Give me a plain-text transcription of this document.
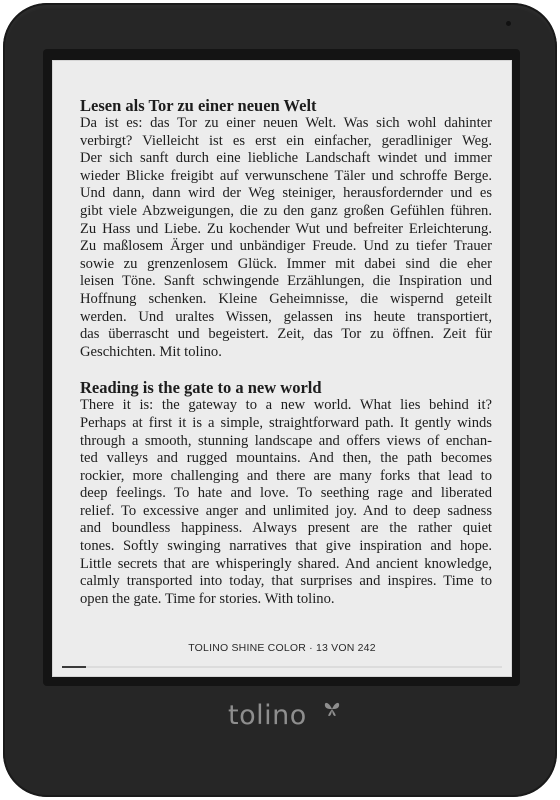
Lesen als Tor zu einer neuen Welt

Da ist es: das Tor zu einer neuen Welt. Was sich wohl dahinter

verbirgt? Vielleicht ist es erst ein einfacher, geradliniger Weg.

Der sich sanft durch eine liebliche Landschaft windet und immer

wieder Blicke freigibt auf verwunschene Täler und schroffe Berge.

Und dann, dann wird der Weg steiniger, herausfordernder und es

gibt viele Abzweigungen, die zu den ganz großen Gefühlen führen.

Zu Hass und Liebe. Zu kochender Wut und befreiter Erleichterung.

Zu maßlosem Ärger und unbändiger Freude. Und zu tiefer Trauer

sowie zu grenzenlosem Glück. Immer mit dabei sind die eher

leisen Töne. Sanft schwingende Erzählungen, die Inspiration und

Hoffnung schenken. Kleine Geheimnisse, die wispernd geteilt

werden. Und uraltes Wissen, gelassen ins heute transportiert,

das überrascht und begeistert. Zeit, das Tor zu öffnen. Zeit für

Geschichten. Mit tolino.

Reading is the gate to a new world

There it is: the gateway to a new world. What lies behind it?

Perhaps at first it is a simple, straightforward path. It gently winds

through a smooth, stunning landscape and offers views of enchan-

ted valleys and rugged mountains. And then, the path becomes

rockier, more challenging and there are many forks that lead to

deep feelings. To hate and love. To seething rage and liberated

relief. To excessive anger and unlimited joy. And to deep sadness

and boundless happiness. Always present are the rather quiet

tones. Softly swinging narratives that give inspiration and hope.

Little secrets that are whisperingly shared. And ancient knowledge,

calmly transported into today, that surprises and inspires. Time to

open the gate. Time for stories. With tolino.

TOLINO SHINE COLOR · 13 VON 242
tolino
